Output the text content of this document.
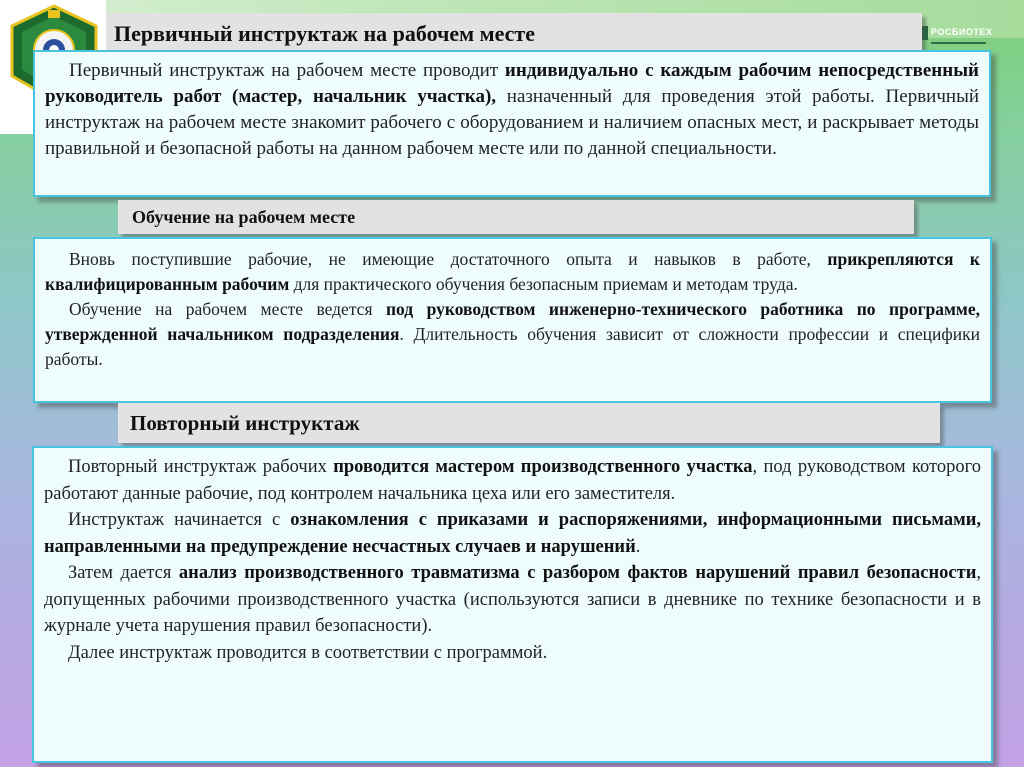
РОСБИОТЕХ
Первичный инструктаж на рабочем месте

Первичный инструктаж на рабочем месте проводит индивидуально с каждым рабочим непосредственный руководитель работ (мастер, начальник участка), назначенный для проведения этой работы. Первичный инструктаж на рабочем месте знакомит рабочего с оборудованием и наличием опасных мест, и раскрывает методы правильной и безопасной работы на данном рабочем месте или по данной специальности.

Обучение на рабочем месте

Вновь поступившие рабочие, не имеющие достаточного опыта и навыков в работе, прикрепляются к квалифицированным рабочим для практического обучения безопасным приемам и методам труда.

Обучение на рабочем месте ведется под руководством инженерно-технического работника по программе, утвержденной начальником подразделения. Длительность обучения зависит от сложности профессии и специфики работы.

Повторный инструктаж

Повторный инструктаж рабочих проводится мастером производственного участка, под руководством которого работают данные рабочие, под контролем начальника цеха или его заместителя.

Инструктаж начинается с ознакомления с приказами и распоряжениями, информационными письмами, направленными на предупреждение несчастных случаев и нарушений.

Затем дается анализ производственного травматизма с разбором фактов нарушений правил безопасности, допущенных рабочими производственного участка (используются записи в дневнике по технике безопасности и в журнале учета нарушения правил безопасности).

Далее инструктаж проводится в соответствии с программой.
